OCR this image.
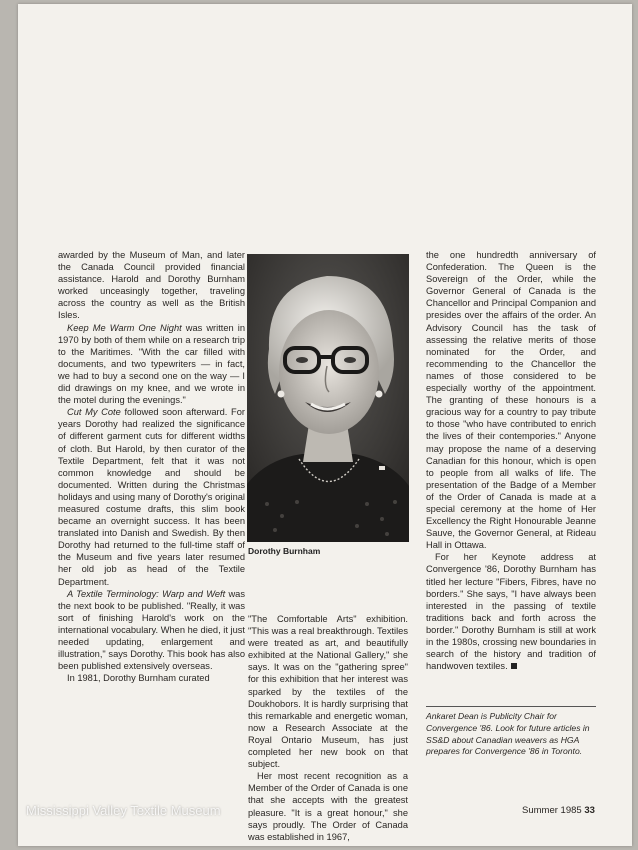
awarded by the Museum of Man, and later the Canada Council provided financial assistance. Harold and Dorothy Burnham worked unceasingly together, traveling across the country as well as the British Isles.

Keep Me Warm One Night was written in 1970 by both of them while on a research trip to the Maritimes. "With the car filled with documents, and two typewriters — in fact, we had to buy a second one on the way — I did drawings on my knee, and we wrote in the motel during the evenings."

Cut My Cote followed soon afterward. For years Dorothy had realized the significance of different garment cuts for different widths of cloth. But Harold, by then curator of the Textile Department, felt that it was not common knowledge and should be documented. Written during the Christmas holidays and using many of Dorothy's original measured costume drafts, this slim book became an overnight success. It has been translated into Danish and Swedish. By then Dorothy had returned to the full-time staff of the Museum and five years later resumed her old job as head of the Textile Department.

A Textile Terminology: Warp and Weft was the next book to be published. "Really, it was sort of finishing Harold's work on the international vocabulary. When he died, it just needed updating, enlargement and illustration," says Dorothy. This book has also been published extensively overseas.

In 1981, Dorothy Burnham curated

Dorothy Burnham

"The Comfortable Arts" exhibition. "This was a real breakthrough. Textiles were treated as art, and beautifully exhibited at the National Gallery," she says. It was on the "gathering spree" for this exhibition that her interest was sparked by the textiles of the Doukhobors. It is hardly surprising that this remarkable and energetic woman, now a Research Associate at the Royal Ontario Museum, has just completed her new book on that subject.

Her most recent recognition as a Member of the Order of Canada is one that she accepts with the greatest pleasure. "It is a great honour," she says proudly. The Order of Canada was established in 1967,

the one hundredth anniversary of Confederation. The Queen is the Sovereign of the Order, while the Governor General of Canada is the Chancellor and Principal Companion and presides over the affairs of the order. An Advisory Council has the task of assessing the relative merits of those nominated for the Order, and recommending to the Chancellor the names of those considered to be especially worthy of the appointment. The granting of these honours is a gracious way for a country to pay tribute to those "who have contributed to enrich the lives of their contempories." Anyone may propose the name of a deserving Canadian for this honour, which is open to people from all walks of life. The presentation of the Badge of a Member of the Order of Canada is made at a special ceremony at the home of Her Excellency the Right Honourable Jeanne Sauve, the Governor General, at Rideau Hall in Ottawa.

For her Keynote address at Convergence '86, Dorothy Burnham has titled her lecture "Fibers, Fibres, have no borders." She says, "I have always been interested in the passing of textile traditions back and forth across the border." Dorothy Burnham is still at work in the 1980s, crossing new boundaries in search of the history and tradition of handwoven textiles.

Ankaret Dean is Publicity Chair for Convergence '86. Look for future articles in SS&D about Canadian weavers as HGA prepares for Convergence '86 in Toronto.
Summer 1985 33
Mississippi Valley Textile Museum
